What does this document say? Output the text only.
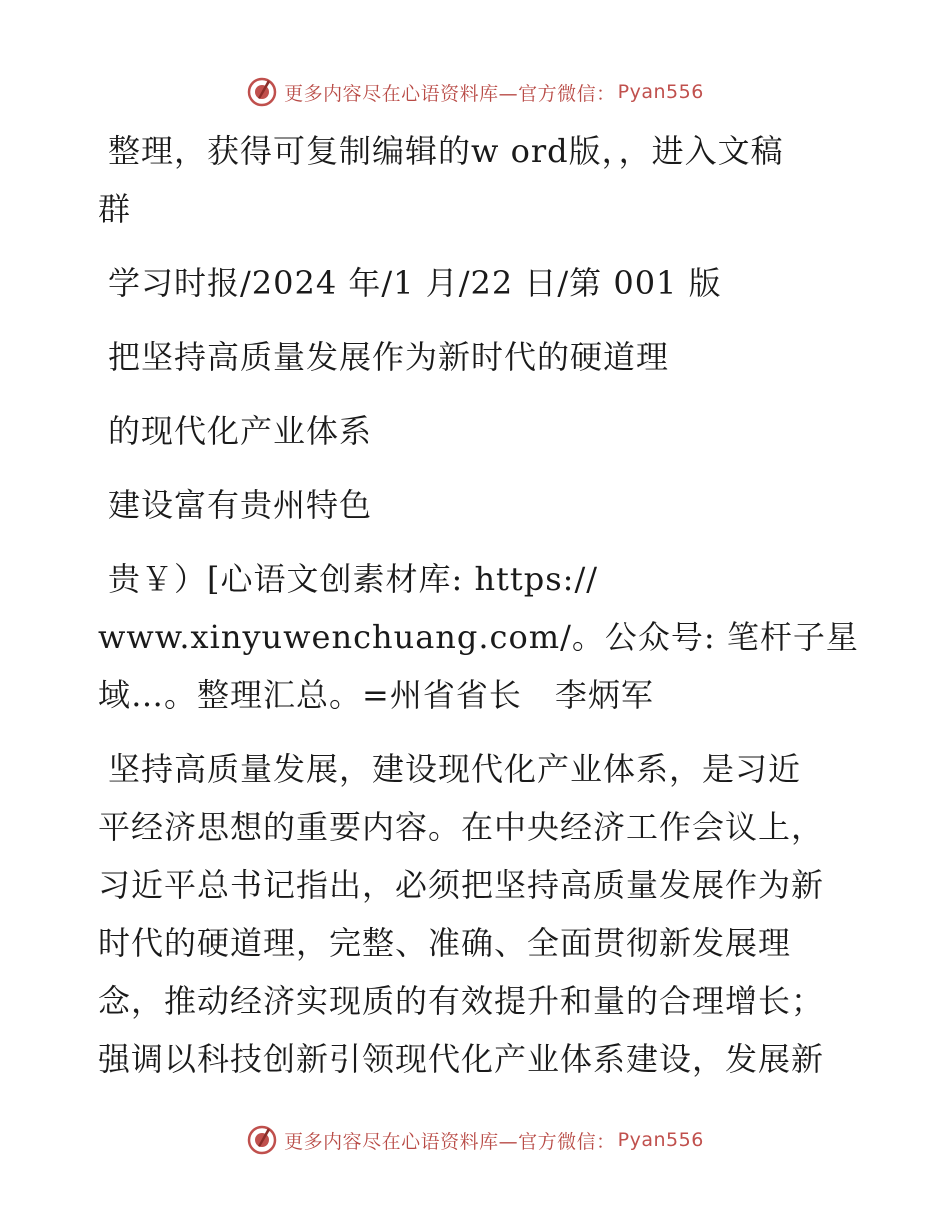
更多内容尽在心语资料库—官方微信： Pyan556
整理，获得可复制编辑的w ord版，，进入文稿
群
学习时报/2024 年/1 月/22 日/第 001 版
把坚持高质量发展作为新时代的硬道理
的现代化产业体系
建设富有贵州特色
贵￥）[心语文创素材库: https://
www.xinyuwenchuang.com/。公众号: 笔杆子星
域…。整理汇总。=州省省长　李炳军
坚持高质量发展，建设现代化产业体系，是习近
平经济思想的重要内容。在中央经济工作会议上，
习近平总书记指出，必须把坚持高质量发展作为新
时代的硬道理，完整、准确、全面贯彻新发展理
念，推动经济实现质的有效提升和量的合理增长；
强调以科技创新引领现代化产业体系建设，发展新
更多内容尽在心语资料库—官方微信： Pyan556
